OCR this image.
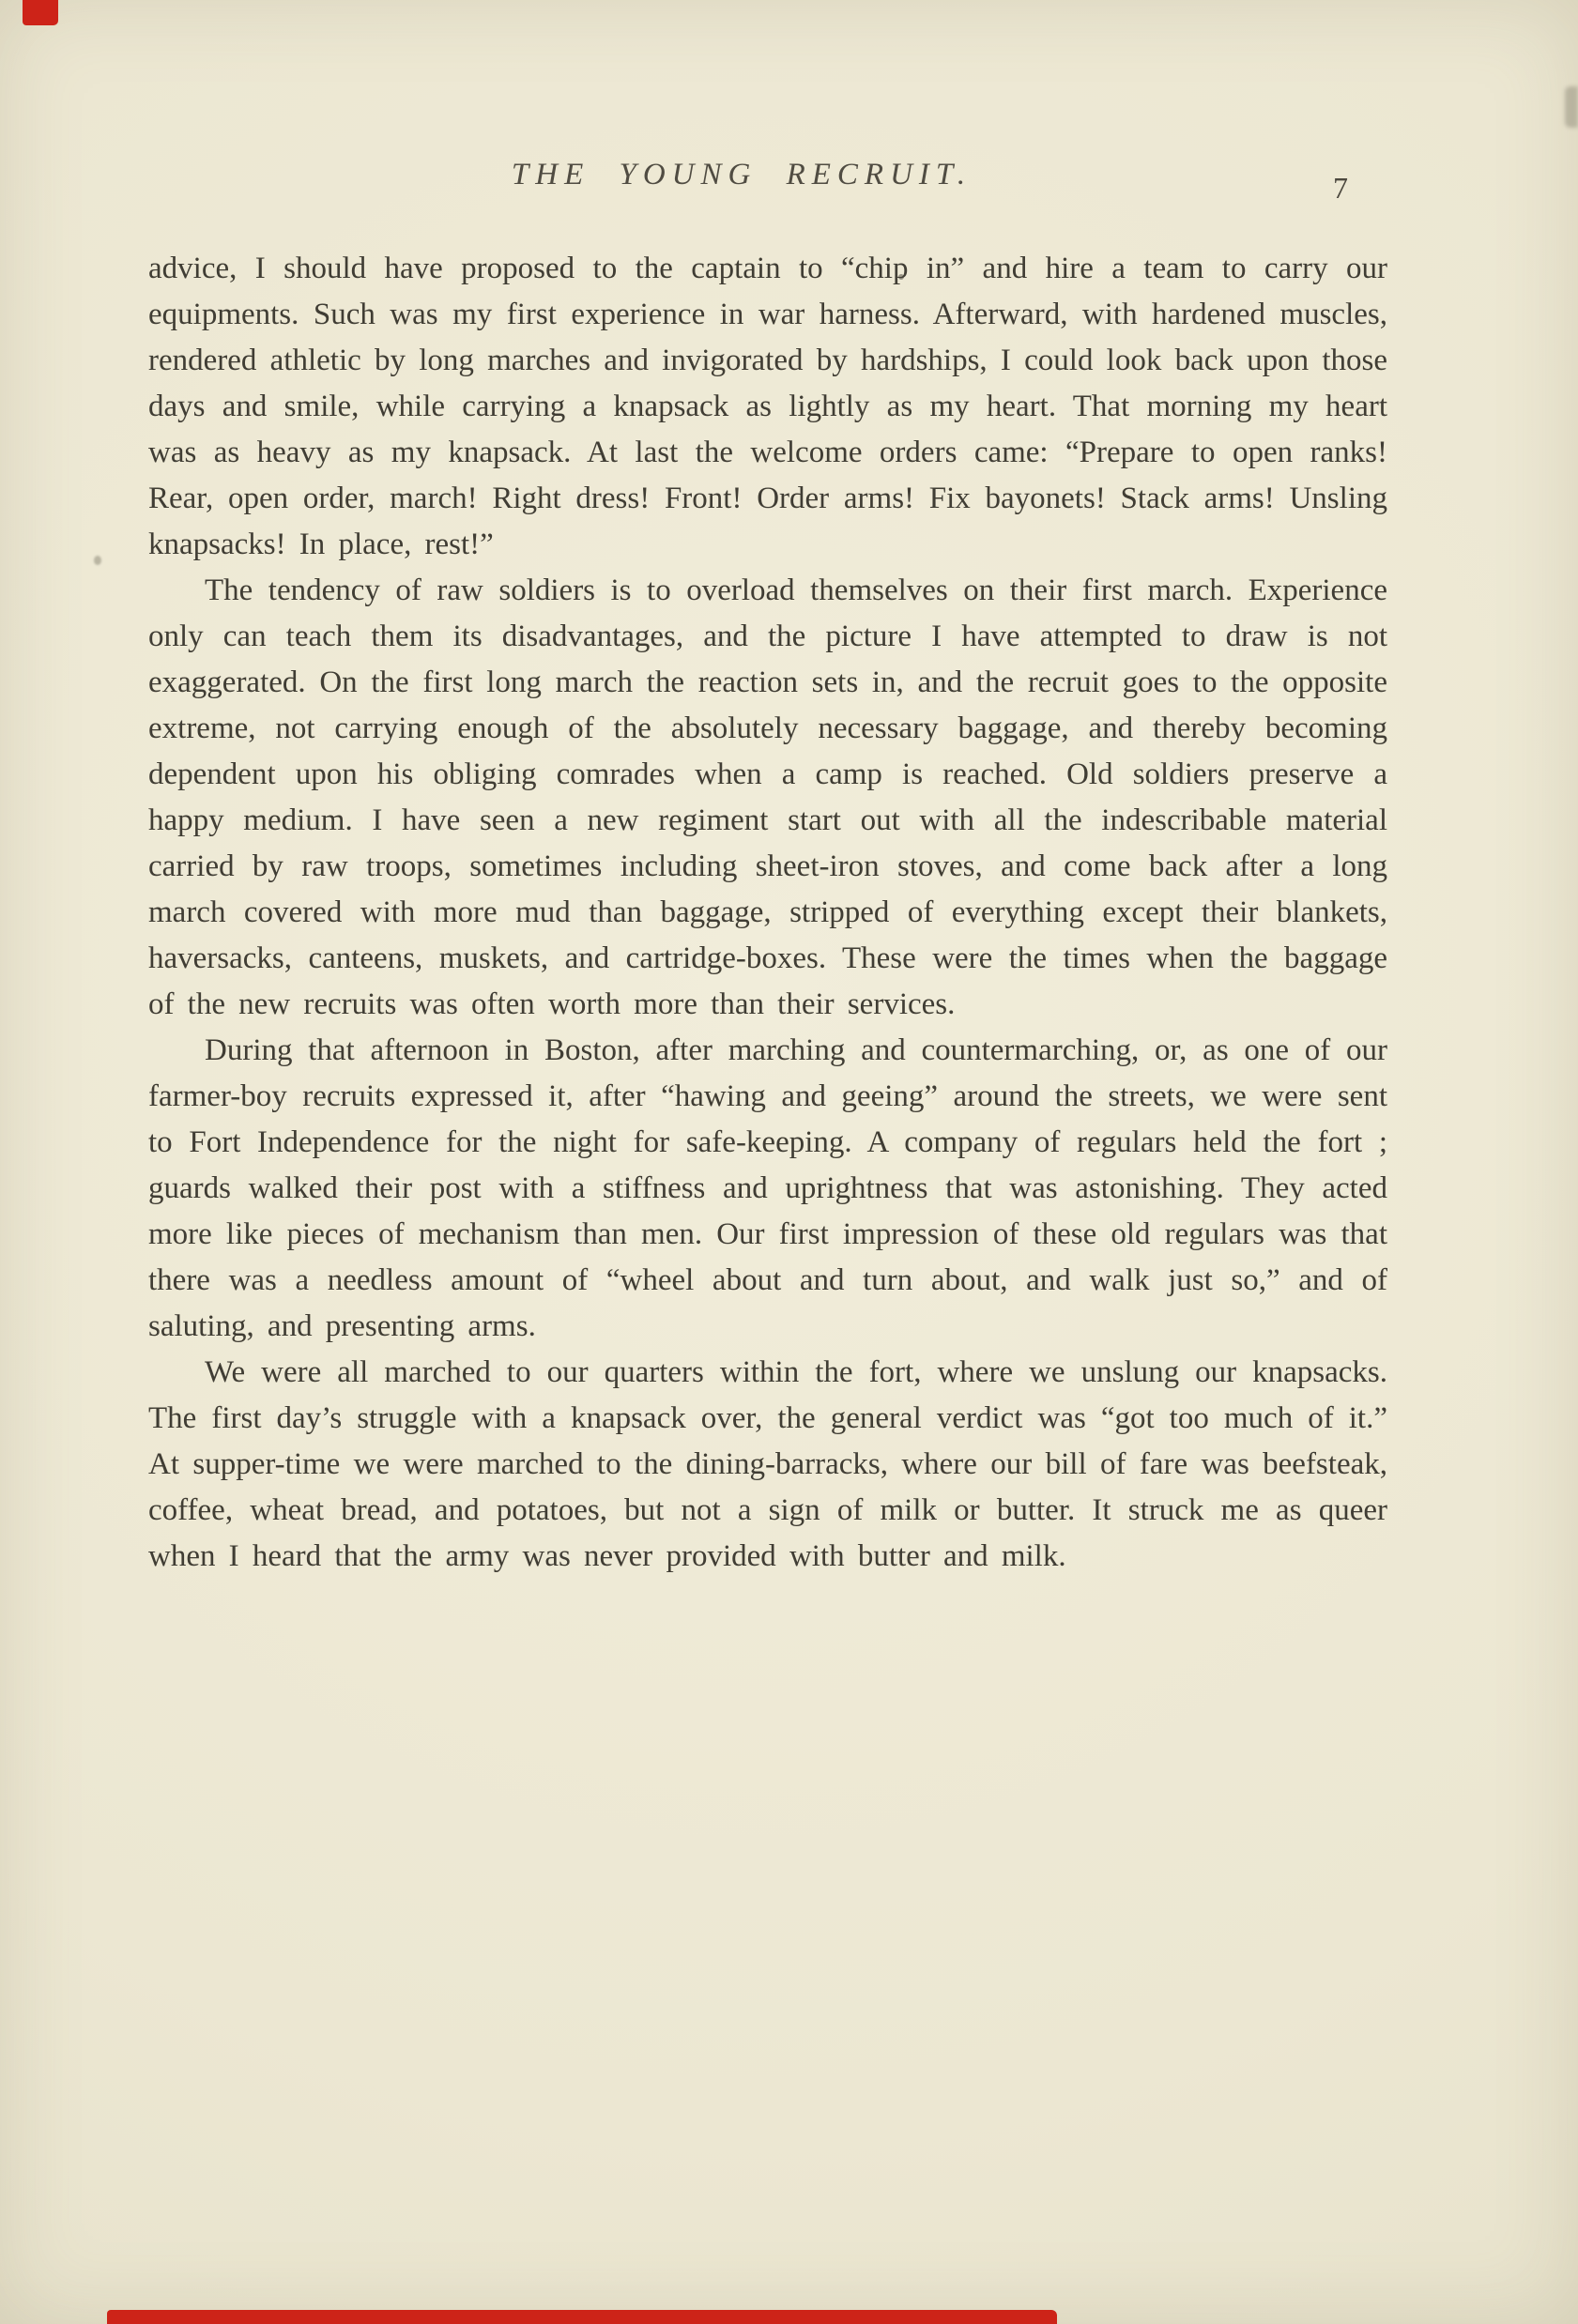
THE YOUNG RECRUIT.	7

advice, I should have proposed to the captain to “chip in” and hire a team to carry our equipments. Such was my first experience in war harness. Afterward, with hardened muscles, rendered athletic by long marches and invigorated by hardships, I could look back upon those days and smile, while carrying a knapsack as lightly as my heart. That morning my heart was as heavy as my knapsack. At last the welcome orders came: “Prepare to open ranks! Rear, open order, march! Right dress! Front! Order arms! Fix bayonets! Stack arms! Unsling knapsacks! In place, rest!”

The tendency of raw soldiers is to overload themselves on their first march. Experience only can teach them its disadvantages, and the picture I have attempted to draw is not exaggerated. On the first long march the reaction sets in, and the recruit goes to the opposite extreme, not carrying enough of the absolutely necessary baggage, and thereby becoming dependent upon his obliging comrades when a camp is reached. Old soldiers preserve a happy medium. I have seen a new regiment start out with all the indescribable material carried by raw troops, sometimes including sheet-iron stoves, and come back after a long march covered with more mud than baggage, stripped of everything except their blankets, haversacks, canteens, muskets, and cartridge-boxes. These were the times when the baggage of the new recruits was often worth more than their services.

During that afternoon in Boston, after marching and countermarching, or, as one of our farmer-boy recruits expressed it, after “hawing and geeing” around the streets, we were sent to Fort Independence for the night for safe-keeping. A company of regulars held the fort ; guards walked their post with a stiffness and uprightness that was astonishing. They acted more like pieces of mechanism than men. Our first impression of these old regulars was that there was a needless amount of “wheel about and turn about, and walk just so,” and of saluting, and presenting arms.

We were all marched to our quarters within the fort, where we unslung our knapsacks. The first day’s struggle with a knapsack over, the general verdict was “got too much of it.” At supper-time we were marched to the dining-barracks, where our bill of fare was beefsteak, coffee, wheat bread, and potatoes, but not a sign of milk or butter. It struck me as queer when I heard that the army was never provided with butter and milk.
